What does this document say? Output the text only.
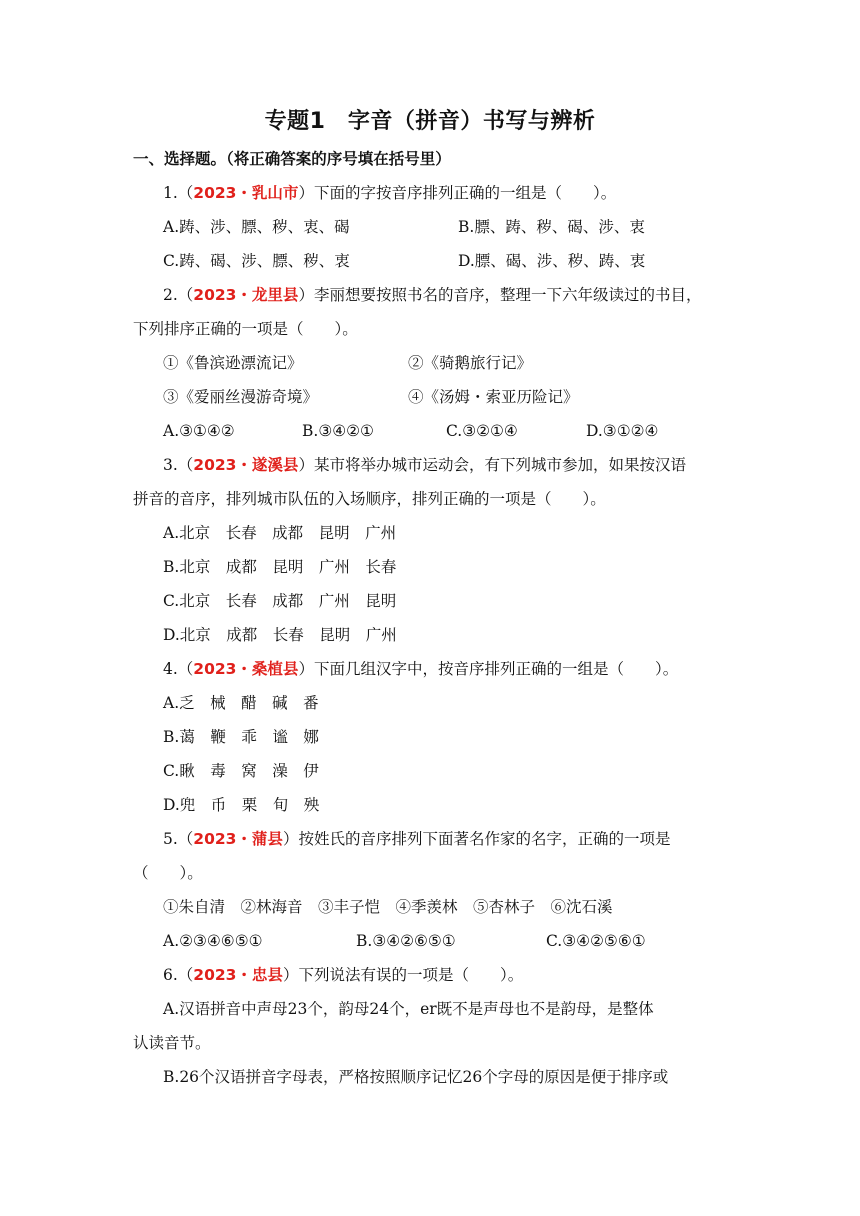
专题1　字音（拼音）书写与辨析
一、选择题。（将正确答案的序号填在括号里）
1.（2023・乳山市）下面的字按音序排列正确的一组是（　　）。
A.踌、涉、膘、秽、衷、碣	B.膘、踌、秽、碣、涉、衷
C.踌、碣、涉、膘、秽、衷	D.膘、碣、涉、秽、踌、衷
2.（2023・龙里县）李丽想要按照书名的音序，整理一下六年级读过的书目，
下列排序正确的一项是（　　）。
①《鲁滨逊漂流记》	②《骑鹅旅行记》
③《爱丽丝漫游奇境》	④《汤姆・索亚历险记》
A.③①④②	B.③④②①	C.③②①④	D.③①②④
3.（2023・遂溪县）某市将举办城市运动会，有下列城市参加，如果按汉语
拼音的音序，排列城市队伍的入场顺序，排列正确的一项是（　　）。
A.北京　长春　成都　昆明　广州
B.北京　成都　昆明　广州　长春
C.北京　长春　成都　广州　昆明
D.北京　成都　长春　昆明　广州
4.（2023・桑植县）下面几组汉字中，按音序排列正确的一组是（　　）。
A.乏　械　醋　碱　番
B.蔼　鞭　乖　谧　娜
C.瞅　毒　窝　澡　伊
D.兜　币　栗　旬　殃
5.（2023・蒲县）按姓氏的音序排列下面著名作家的名字，正确的一项是
（　　）。
①朱自清　②林海音　③丰子恺　④季羡林　⑤杏林子　⑥沈石溪
A.②③④⑥⑤①	B.③④②⑥⑤①	C.③④②⑤⑥①
6.（2023・忠县）下列说法有误的一项是（　　）。
A.汉语拼音中声母23个，韵母24个，er既不是声母也不是韵母，是整体
认读音节。
B.26个汉语拼音字母表，严格按照顺序记忆26个字母的原因是便于排序或
